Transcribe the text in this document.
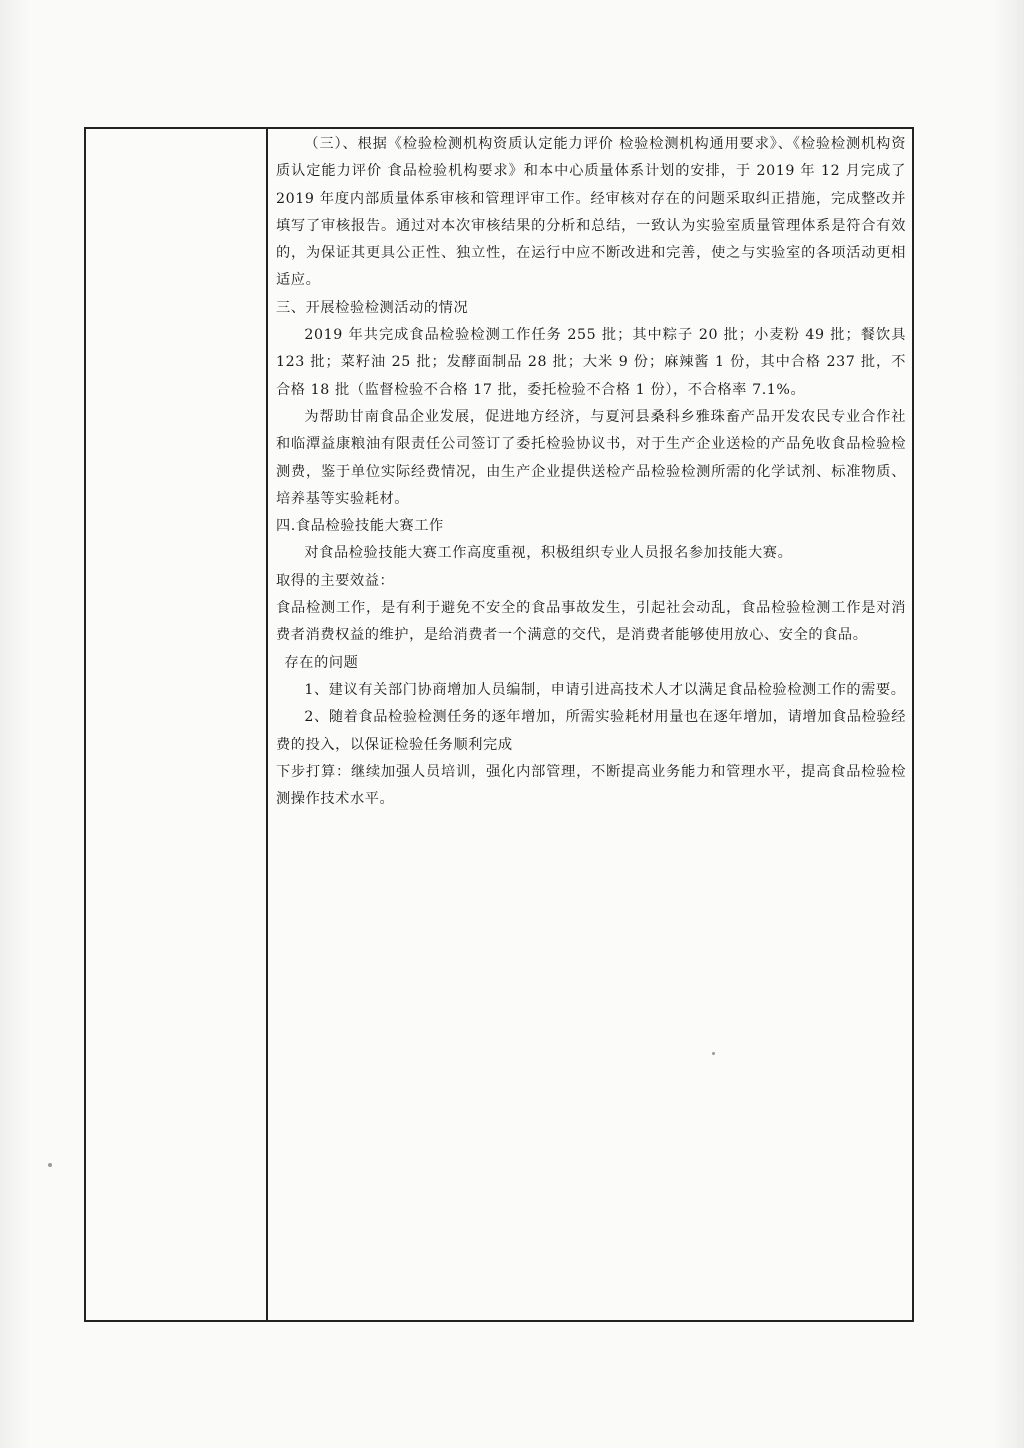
（三）、根据《检验检测机构资质认定能力评价 检验检测机构通用要求》、《检验检测机构资质认定能力评价 食品检验机构要求》和本中心质量体系计划的安排，于 2019 年 12 月完成了 2019 年度内部质量体系审核和管理评审工作。经审核对存在的问题采取纠正措施，完成整改并填写了审核报告。通过对本次审核结果的分析和总结，一致认为实验室质量管理体系是符合有效的，为保证其更具公正性、独立性，在运行中应不断改进和完善，使之与实验室的各项活动更相适应。

三、开展检验检测活动的情况

2019 年共完成食品检验检测工作任务 255 批；其中粽子 20 批；小麦粉 49 批；餐饮具 123 批；菜籽油 25 批；发酵面制品 28 批；大米 9 份；麻辣酱 1 份，其中合格 237 批，不合格 18 批（监督检验不合格 17 批，委托检验不合格 1 份），不合格率 7.1%。

为帮助甘南食品企业发展，促进地方经济，与夏河县桑科乡雅珠畜产品开发农民专业合作社和临潭益康粮油有限责任公司签订了委托检验协议书，对于生产企业送检的产品免收食品检验检测费，鉴于单位实际经费情况，由生产企业提供送检产品检验检测所需的化学试剂、标准物质、培养基等实验耗材。

四.食品检验技能大赛工作

对食品检验技能大赛工作高度重视，积极组织专业人员报名参加技能大赛。

取得的主要效益：

食品检测工作，是有利于避免不安全的食品事故发生，引起社会动乱，食品检验检测工作是对消费者消费权益的维护，是给消费者一个满意的交代，是消费者能够使用放心、安全的食品。

存在的问题

1、建议有关部门协商增加人员编制，申请引进高技术人才以满足食品检验检测工作的需要。

2、随着食品检验检测任务的逐年增加，所需实验耗材用量也在逐年增加，请增加食品检验经费的投入，以保证检验任务顺利完成

下步打算：继续加强人员培训，强化内部管理，不断提高业务能力和管理水平，提高食品检验检测操作技术水平。
